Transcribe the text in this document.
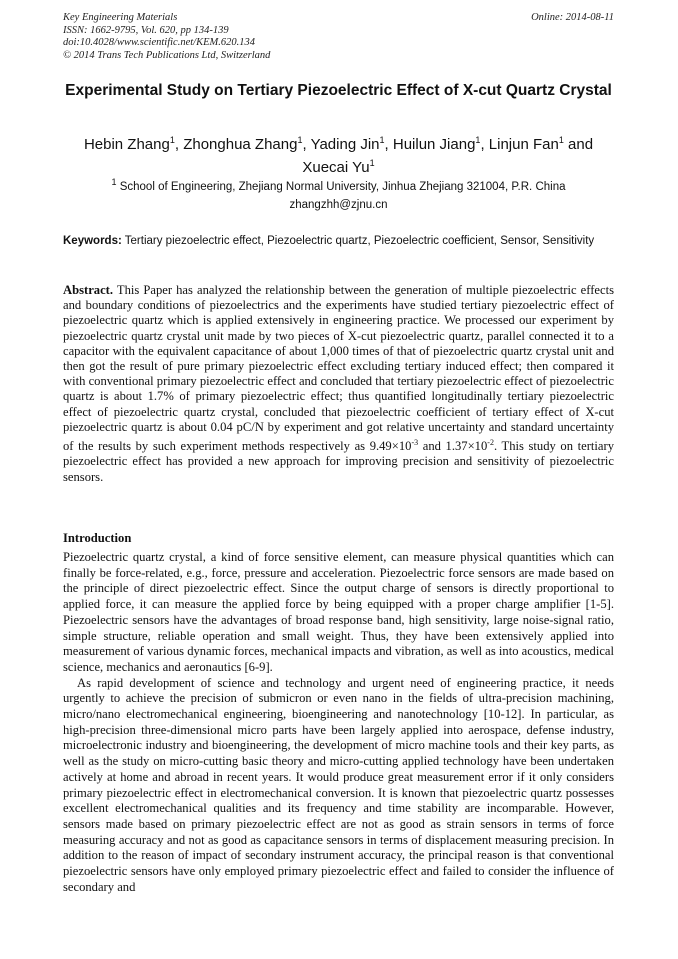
Key Engineering Materials
ISSN: 1662-9795, Vol. 620, pp 134-139
doi:10.4028/www.scientific.net/KEM.620.134
© 2014 Trans Tech Publications Ltd, Switzerland
Online: 2014-08-11
Experimental Study on Tertiary Piezoelectric Effect of X-cut Quartz Crystal
Hebin Zhang$^1$, Zhonghua Zhang$^1$, Yading Jin$^1$, Huilun Jiang$^1$, Linjun Fan$^1$ and
Xuecai Yu$^1$
$^1$ School of Engineering, Zhejiang Normal University, Jinhua Zhejiang 321004, P.R. China
zhangzhh@zjnu.cn
Keywords: Tertiary piezoelectric effect, Piezoelectric quartz, Piezoelectric coefficient, Sensor, Sensitivity
Abstract. This Paper has analyzed the relationship between the generation of multiple piezoelectric effects and boundary conditions of piezoelectrics and the experiments have studied tertiary piezoelectric effect of piezoelectric quartz which is applied extensively in engineering practice. We processed our experiment by piezoelectric quartz crystal unit made by two pieces of X-cut piezoelectric quartz, parallel connected it to a capacitor with the equivalent capacitance of about 1,000 times of that of piezoelectric quartz crystal unit and then got the result of pure primary piezoelectric effect excluding tertiary induced effect; then compared it with conventional primary piezoelectric effect and concluded that tertiary piezoelectric effect of piezoelectric quartz is about 1.7% of primary piezoelectric effect; thus quantified longitudinally tertiary piezoelectric effect of piezoelectric quartz crystal, concluded that piezoelectric coefficient of tertiary effect of X-cut piezoelectric quartz is about 0.04 pC/N by experiment and got relative uncertainty and standard uncertainty of the results by such experiment methods respectively as $9.49\times 10^{-3}$ and $1.37\times 10^{-2}$. This study on tertiary piezoelectric effect has provided a new approach for improving precision and sensitivity of piezoelectric sensors.
Introduction

Piezoelectric quartz crystal, a kind of force sensitive element, can measure physical quantities which can finally be force-related, e.g., force, pressure and acceleration. Piezoelectric force sensors are made based on the principle of direct piezoelectric effect. Since the output charge of sensors is directly proportional to applied force, it can measure the applied force by being equipped with a proper charge amplifier [1-5]. Piezoelectric sensors have the advantages of broad response band, high sensitivity, large noise-signal ratio, simple structure, reliable operation and small weight. Thus, they have been extensively applied into measurement of various dynamic forces, mechanical impacts and vibration, as well as into acoustics, medical science, mechanics and aeronautics [6-9].

As rapid development of science and technology and urgent need of engineering practice, it needs urgently to achieve the precision of submicron or even nano in the fields of ultra-precision machining, micro/nano electromechanical engineering, bioengineering and nanotechnology [10-12]. In particular, as high-precision three-dimensional micro parts have been largely applied into aerospace, defense industry, microelectronic industry and bioengineering, the development of micro machine tools and their key parts, as well as the study on micro-cutting basic theory and micro-cutting applied technology have been undertaken actively at home and abroad in recent years. It would produce great measurement error if it only considers primary piezoelectric effect in electromechanical conversion. It is known that piezoelectric quartz possesses excellent electromechanical qualities and its frequency and time stability are incomparable. However, sensors made based on primary piezoelectric effect are not as good as strain sensors in terms of force measuring accuracy and not as good as capacitance sensors in terms of displacement measuring precision. In addition to the reason of impact of secondary instrument accuracy, the principal reason is that conventional piezoelectric sensors have only employed primary piezoelectric effect and failed to consider the influence of secondary and
